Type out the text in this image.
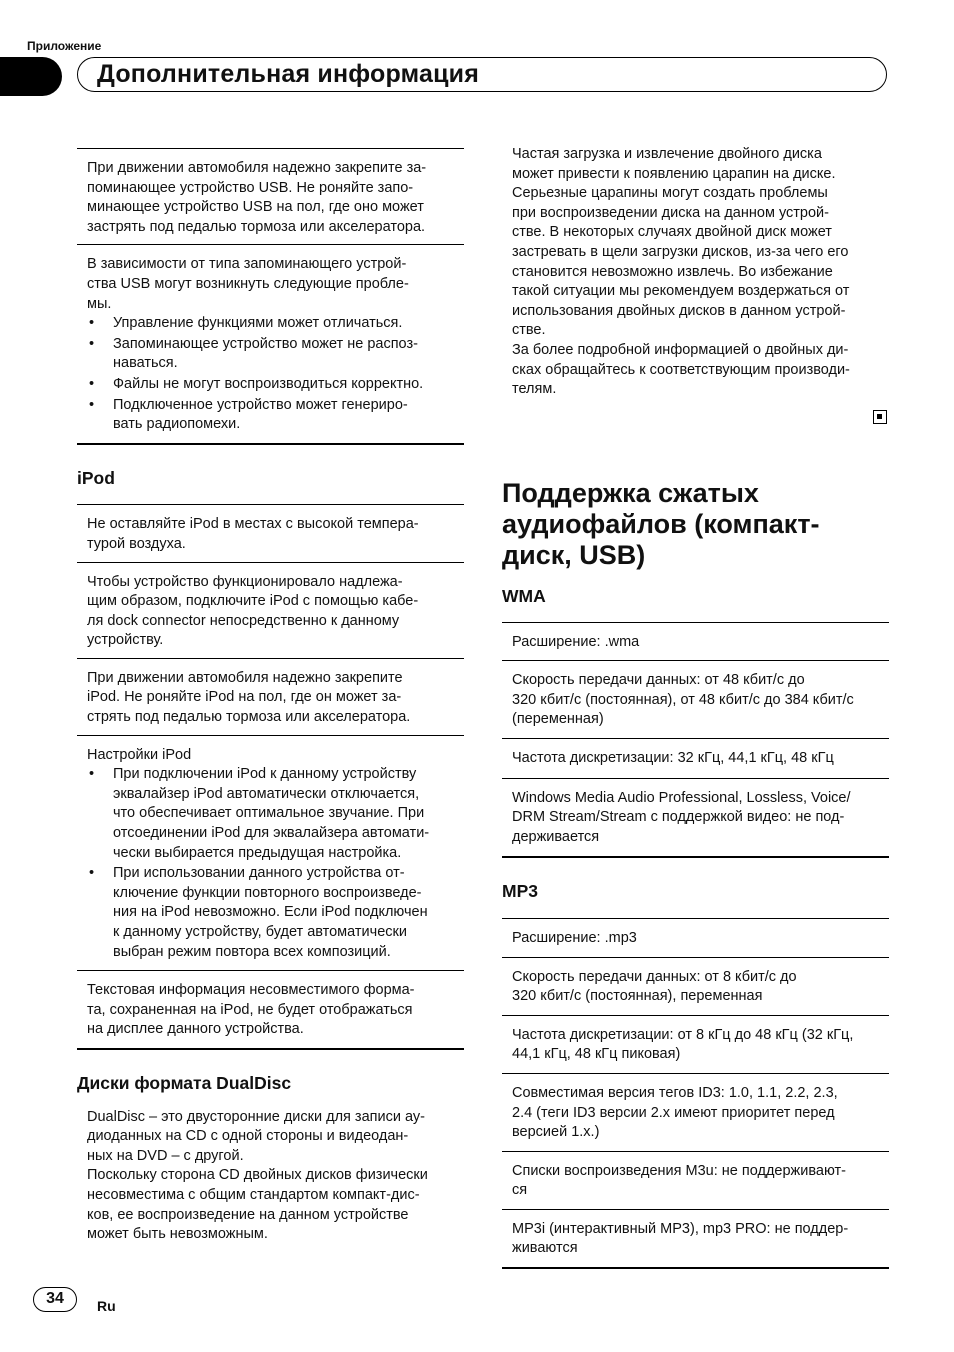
Приложение
Дополнительная информация

При движении автомобиля надежно закрепите за-
поминающее устройство USB. Не роняйте запо-
минающее устройство USB на пол, где оно может
застрять под педалью тормоза или акселератора.

В зависимости от типа запоминающего устрой-
ства USB могут возникнуть следующие пробле-
мы.

• Управление функциями может отличаться.
• Запоминающее устройство может не распоз-
наваться.
• Файлы не могут воспроизводиться корректно.
• Подключенное устройство может генериро-
вать радиопомехи.

iPod

Не оставляйте iPod в местах с высокой темпера-
турой воздуха.

Чтобы устройство функционировало надлежа-
щим образом, подключите iPod с помощью кабе-
ля dock connector непосредственно к данному
устройству.

При движении автомобиля надежно закрепите
iPod. Не роняйте iPod на пол, где он может за-
стрять под педалью тормоза или акселератора.

Настройки iPod

• При подключении iPod к данному устройству
эквалайзер iPod автоматически отключается,
что обеспечивает оптимальное звучание. При
отсоединении iPod для эквалайзера автомати-
чески выбирается предыдущая настройка.
• При использовании данного устройства от-
ключение функции повторного воспроизведе-
ния на iPod невозможно. Если iPod подключен
к данному устройству, будет автоматически
выбран режим повтора всех композиций.

Текстовая информация несовместимого форма-
та, сохраненная на iPod, не будет отображаться
на дисплее данного устройства.

Диски формата DualDisc

DualDisc – это двусторонние диски для записи ау-
диоданных на CD с одной стороны и видеодан-
ных на DVD – с другой.
Поскольку сторона CD двойных дисков физически
несовместима с общим стандартом компакт-дис-
ков, ее воспроизведение на данном устройстве
может быть невозможным.

Частая загрузка и извлечение двойного диска
может привести к появлению царапин на диске.
Серьезные царапины могут создать проблемы
при воспроизведении диска на данном устрой-
стве. В некоторых случаях двойной диск может
застревать в щели загрузки дисков, из-за чего его
становится невозможно извлечь. Во избежание
такой ситуации мы рекомендуем воздержаться от
использования двойных дисков в данном устрой-
стве.
За более подробной информацией о двойных ди-
сках обращайтесь к соответствующим производи-
телям.

Поддержка сжатых
аудиофайлов (компакт-
диск, USB)

WMA

Расширение: .wma

Скорость передачи данных: от 48 кбит/с до
320 кбит/с (постоянная), от 48 кбит/с до 384 кбит/с
(переменная)

Частота дискретизации: 32 кГц, 44,1 кГц, 48 кГц

Windows Media Audio Professional, Lossless, Voice/
DRM Stream/Stream с поддержкой видео: не под-
держивается

MP3

Расширение: .mp3

Скорость передачи данных: от 8 кбит/с до
320 кбит/с (постоянная), переменная

Частота дискретизации: от 8 кГц до 48 кГц (32 кГц,
44,1 кГц, 48 кГц пиковая)

Совместимая версия тегов ID3: 1.0, 1.1, 2.2, 2.3,
2.4 (теги ID3 версии 2.x имеют приоритет перед
версией 1.x.)

Списки воспроизведения M3u: не поддерживают-
ся

MP3i (интерактивный MP3), mp3 PRO: не поддер-
живаются

34	Ru
